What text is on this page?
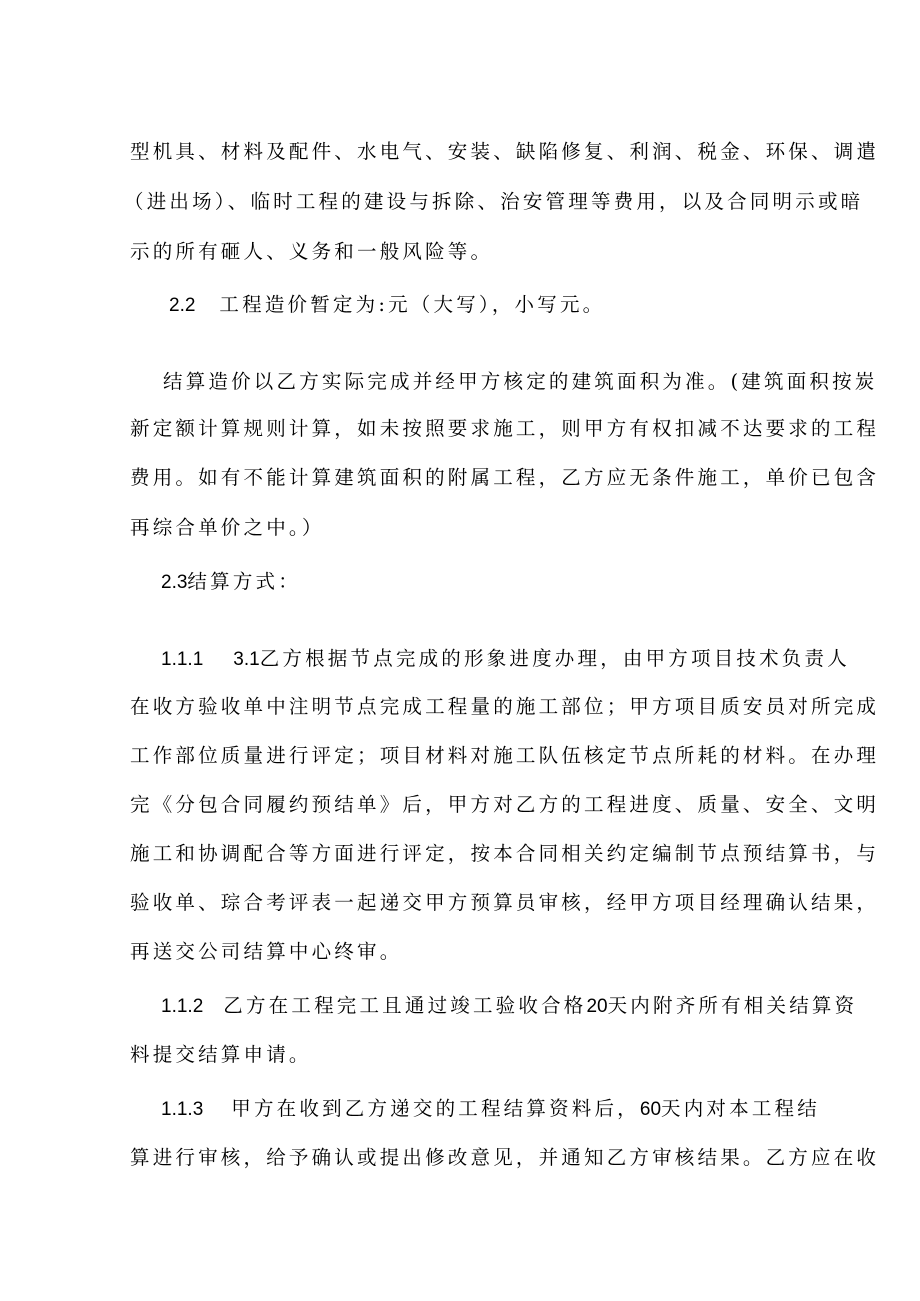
型机具、材料及配件、水电气、安装、缺陷修复、利润、税金、环保、调遣
（进出场）、临时工程的建设与拆除、治安管理等费用，以及合同明示或暗
示的所有砸人、义务和一般风险等。
2.2 工程造价暂定为:元（大写），小写元。
结算造价以乙方实际完成并经甲方核定的建筑面积为准。(建筑面积按炭
新定额计算规则计算，如未按照要求施工，则甲方有权扣减不达要求的工程
费用。如有不能计算建筑面积的附属工程，乙方应无条件施工，单价已包含
再综合单价之中。）
2.3结算方式：
1.1.1 3.1乙方根据节点完成的形象进度办理，由甲方项目技术负责人
在收方验收单中注明节点完成工程量的施工部位；甲方项目质安员对所完成
工作部位质量进行评定；项目材料对施工队伍核定节点所耗的材料。在办理
完《分包合同履约预结单》后，甲方对乙方的工程进度、质量、安全、文明
施工和协调配合等方面进行评定，按本合同相关约定编制节点预结算书，与
验收单、琮合考评表一起递交甲方预算员审核，经甲方项目经理确认结果，
再送交公司结算中心终审。
1.1.2 乙方在工程完工且通过竣工验收合格20天内附齐所有相关结算资
料提交结算申请。
1.1.3 甲方在收到乙方递交的工程结算资料后，60天内对本工程结
算进行审核，给予确认或提出修改意见，并通知乙方审核结果。乙方应在收
